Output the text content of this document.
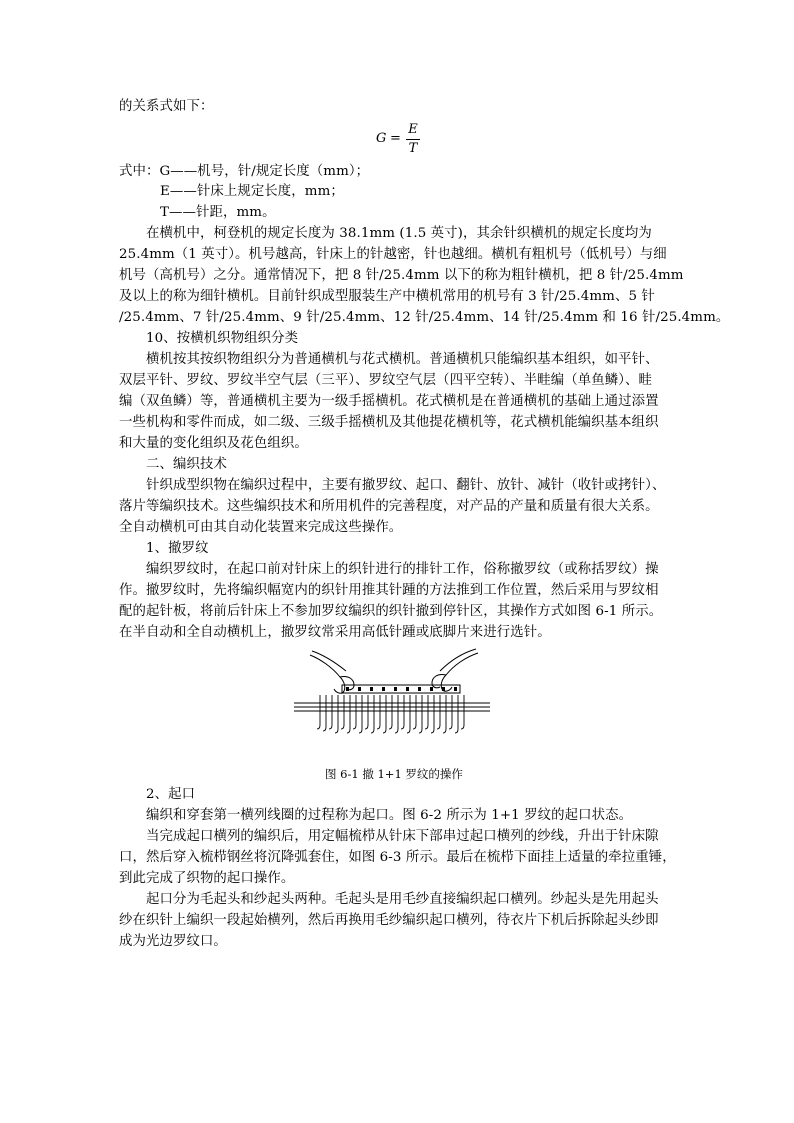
的关系式如下：
G =
E
T
式中：G——机号，针/规定长度（mm）；
E——针床上规定长度，mm；
T——针距，mm。
在横机中，柯登机的规定长度为 38.1mm (1.5 英寸)，其余针织横机的规定长度均为
25.4mm（1 英寸）。机号越高，针床上的针越密，针也越细。横机有粗机号（低机号）与细
机号（高机号）之分。通常情况下，把 8 针/25.4mm 以下的称为粗针横机，把 8 针/25.4mm
及以上的称为细针横机。目前针织成型服装生产中横机常用的机号有 3 针/25.4mm、5 针
/25.4mm、7 针/25.4mm、9 针/25.4mm、12 针/25.4mm、14 针/25.4mm 和 16 针/25.4mm。
10、按横机织物组织分类
横机按其按织物组织分为普通横机与花式横机。普通横机只能编织基本组织，如平针、
双层平针、罗纹、罗纹半空气层（三平）、罗纹空气层（四平空转）、半畦编（单鱼鳞）、畦
编（双鱼鳞）等，普通横机主要为一级手摇横机。花式横机是在普通横机的基础上通过添置
一些机构和零件而成，如二级、三级手摇横机及其他提花横机等，花式横机能编织基本组织
和大量的变化组织及花色组织。
二、编织技术
针织成型织物在编织过程中，主要有撤罗纹、起口、翻针、放针、减针（收针或拷针）、
落片等编织技术。这些编织技术和所用机件的完善程度，对产品的产量和质量有很大关系。
全自动横机可由其自动化装置来完成这些操作。
1、撤罗纹
编织罗纹时，在起口前对针床上的织针进行的排针工作，俗称撤罗纹（或称括罗纹）操
作。撤罗纹时，先将编织幅宽内的织针用推其针踵的方法推到工作位置，然后采用与罗纹相
配的起针板，将前后针床上不参加罗纹编织的织针撤到停针区，其操作方式如图 6-1 所示。
在半自动和全自动横机上，撤罗纹常采用高低针踵或底脚片来进行选针。
图 6-1 撤 1+1 罗纹的操作
2、起口
编织和穿套第一横列线圈的过程称为起口。图 6-2 所示为 1+1 罗纹的起口状态。
当完成起口横列的编织后，用定幅梳栉从针床下部串过起口横列的纱线，升出于针床隙
口，然后穿入梳栉钢丝将沉降弧套住，如图 6-3 所示。最后在梳栉下面挂上适量的牵拉重锤，
到此完成了织物的起口操作。
起口分为毛起头和纱起头两种。毛起头是用毛纱直接编织起口横列。纱起头是先用起头
纱在织针上编织一段起始横列，然后再换用毛纱编织起口横列，待衣片下机后拆除起头纱即
成为光边罗纹口。
